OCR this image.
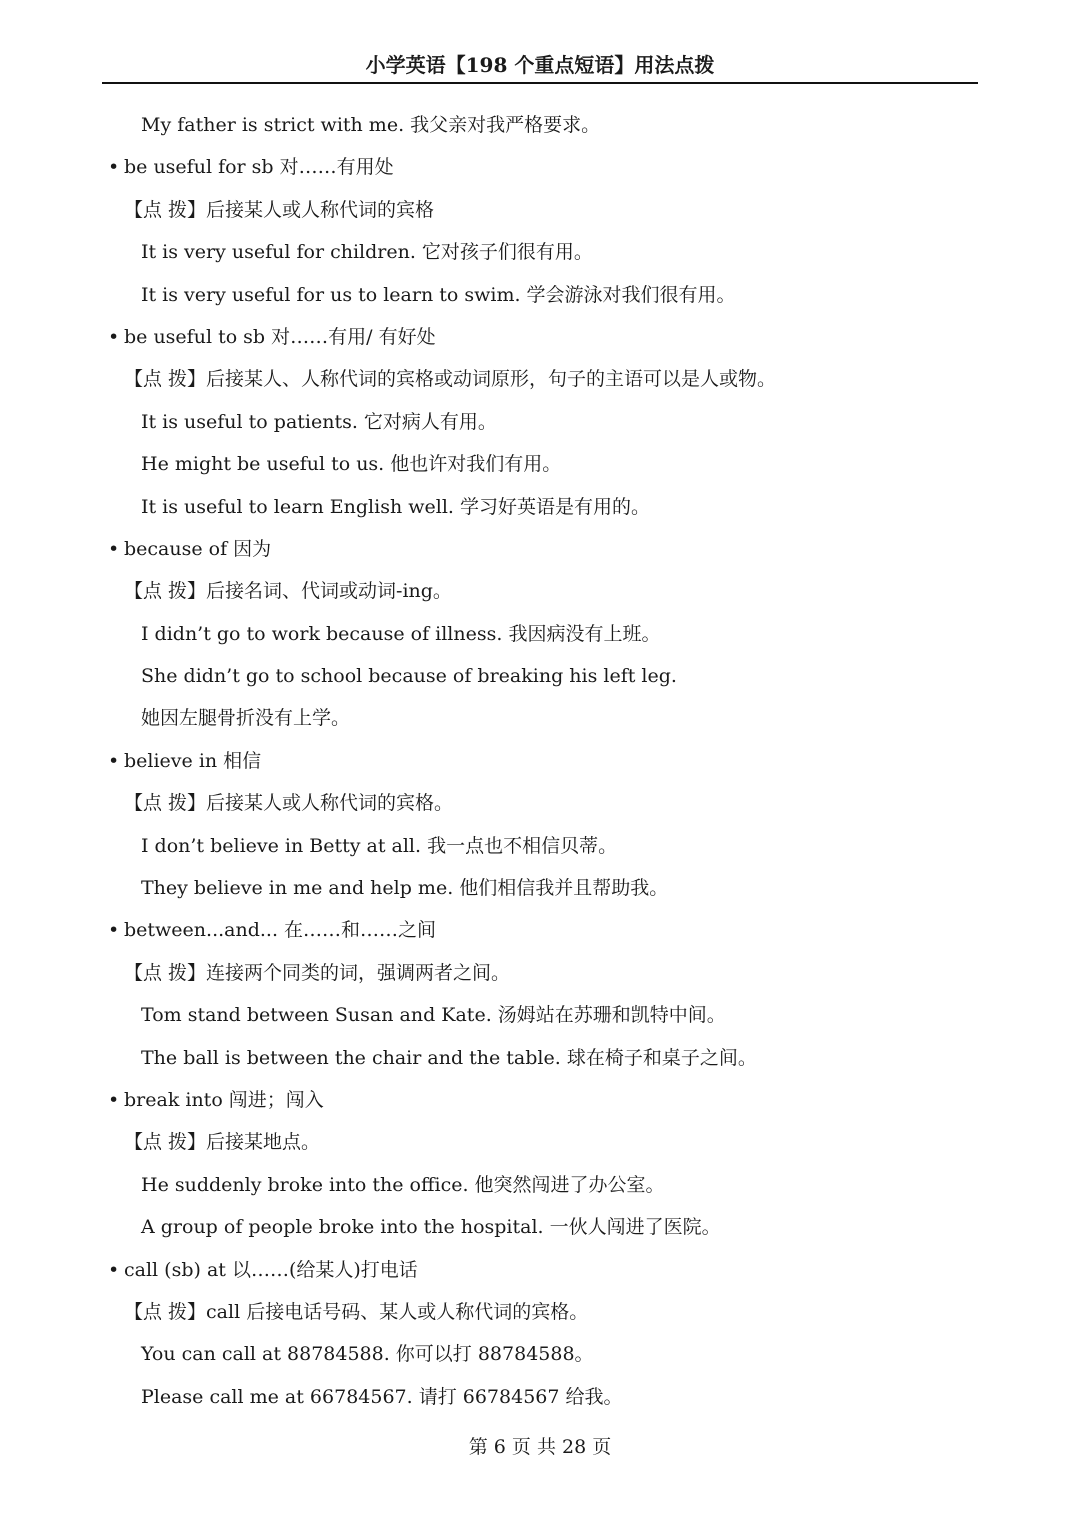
小学英语【198 个重点短语】用法点拨
My father is strict with me. 我父亲对我严格要求。
• be useful for sb 对……有用处
【点 拨】后接某人或人称代词的宾格
It is very useful for children. 它对孩子们很有用。
It is very useful for us to learn to swim. 学会游泳对我们很有用。
• be useful to sb 对……有用/ 有好处
【点 拨】后接某人、人称代词的宾格或动词原形，句子的主语可以是人或物。
It is useful to patients. 它对病人有用。
He might be useful to us. 他也许对我们有用。
It is useful to learn English well. 学习好英语是有用的。
• because of 因为
【点 拨】后接名词、代词或动词-ing。
I didn’t go to work because of illness. 我因病没有上班。
She didn’t go to school because of breaking his left leg.
她因左腿骨折没有上学。
• believe in 相信
【点 拨】后接某人或人称代词的宾格。
I don’t believe in Betty at all. 我一点也不相信贝蒂。
They believe in me and help me. 他们相信我并且帮助我。
• between...and... 在……和……之间
【点 拨】连接两个同类的词，强调两者之间。
Tom stand between Susan and Kate. 汤姆站在苏珊和凯特中间。
The ball is between the chair and the table. 球在椅子和桌子之间。
• break into 闯进；闯入
【点 拨】后接某地点。
He suddenly broke into the office. 他突然闯进了办公室。
A group of people broke into the hospital. 一伙人闯进了医院。
• call (sb) at 以……(给某人)打电话
【点 拨】call 后接电话号码、某人或人称代词的宾格。
You can call at 88784588. 你可以打 88784588。
Please call me at 66784567. 请打 66784567 给我。
第 6 页 共 28 页
